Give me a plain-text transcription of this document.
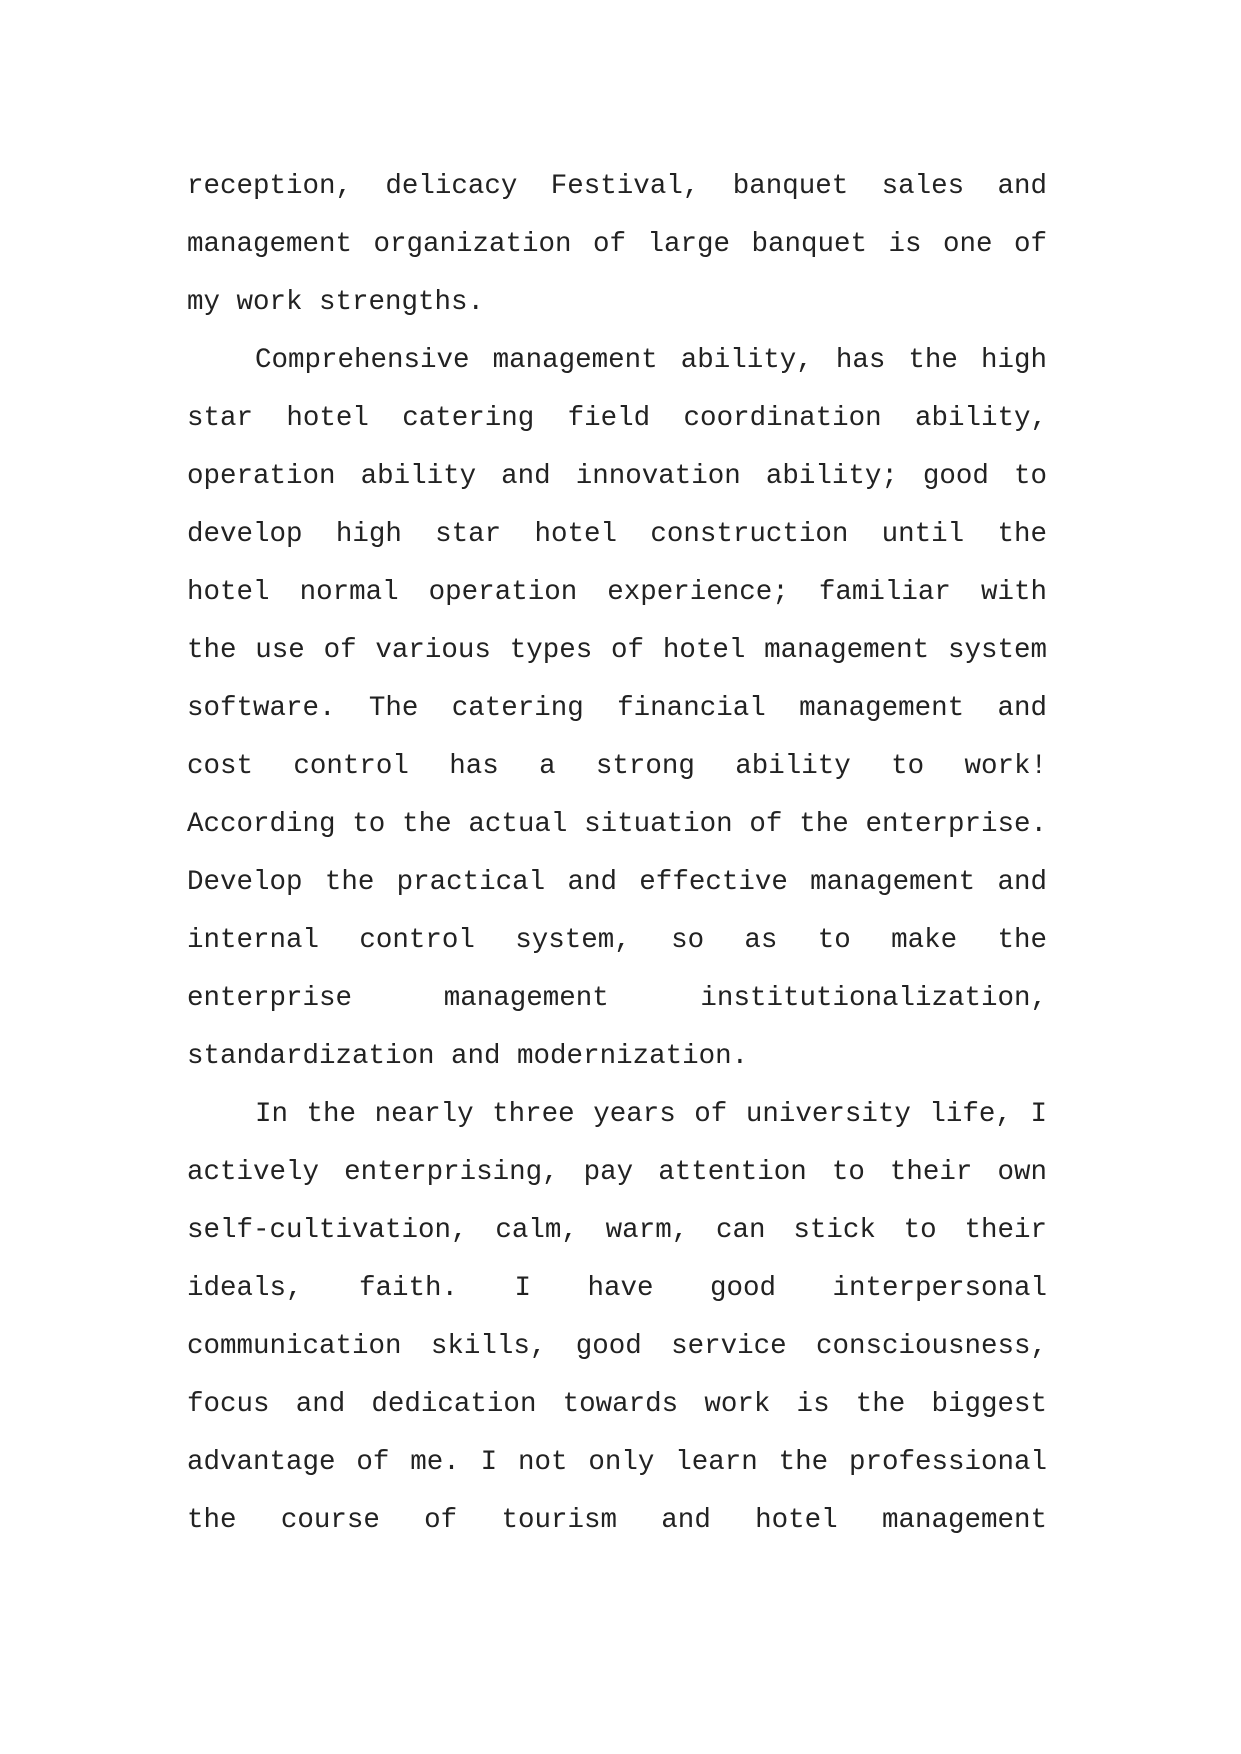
reception, delicacy Festival, banquet sales and
management organization of large banquet is one of
my work strengths.
Comprehensive management ability, has the high
star hotel catering field coordination ability,
operation ability and innovation ability; good to
develop high star hotel construction until the
hotel normal operation experience; familiar with
the use of various types of hotel management system
software. The catering financial management and
cost control has a strong ability to work!
According to the actual situation of the enterprise.
Develop the practical and effective management and
internal control system, so as to make the
enterprise management institutionalization,
standardization and modernization.
In the nearly three years of university life, I
actively enterprising, pay attention to their own
self-cultivation, calm, warm, can stick to their
ideals, faith. I have good interpersonal
communication skills, good service consciousness,
focus and dedication towards work is the biggest
advantage of me. I not only learn the professional
the course of tourism and hotel management
